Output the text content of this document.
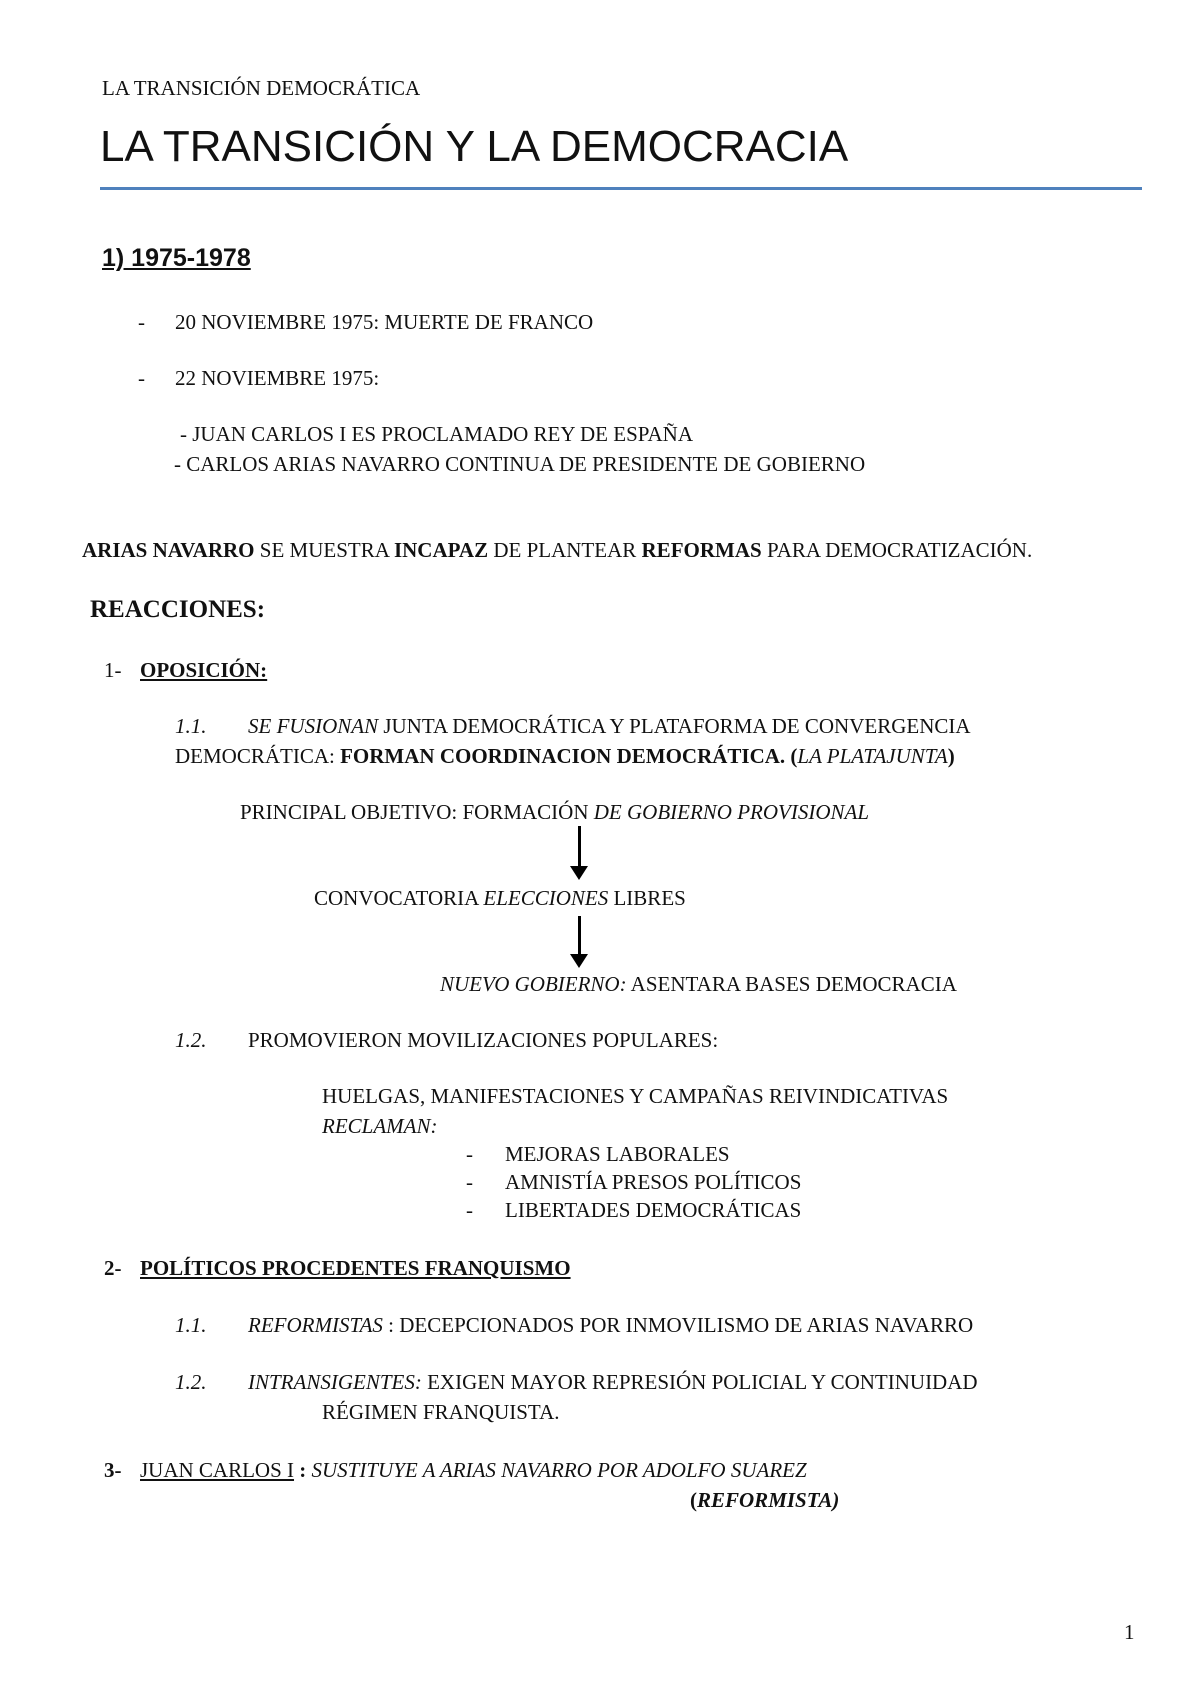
LA TRANSICIÓN DEMOCRÁTICA
LA TRANSICIÓN Y LA DEMOCRACIA
1) 1975-1978
- 20 NOVIEMBRE 1975: MUERTE DE FRANCO
- 22 NOVIEMBRE 1975:
- JUAN CARLOS I ES PROCLAMADO REY DE ESPAÑA
- CARLOS ARIAS NAVARRO CONTINUA DE PRESIDENTE DE GOBIERNO
ARIAS NAVARRO SE MUESTRA INCAPAZ DE PLANTEAR REFORMAS PARA DEMOCRATIZACIÓN.
REACCIONES:
1- OPOSICIÓN:
1.1. SE FUSIONAN JUNTA DEMOCRÁTICA Y PLATAFORMA DE CONVERGENCIA
DEMOCRÁTICA: FORMAN COORDINACION DEMOCRÁTICA. (LA PLATAJUNTA)
PRINCIPAL OBJETIVO: FORMACIÓN DE GOBIERNO PROVISIONAL
CONVOCATORIA ELECCIONES LIBRES
NUEVO GOBIERNO: ASENTARA BASES DEMOCRACIA
1.2. PROMOVIERON MOVILIZACIONES POPULARES:
HUELGAS, MANIFESTACIONES Y CAMPAÑAS REIVINDICATIVAS
RECLAMAN:
- MEJORAS LABORALES
- AMNISTÍA PRESOS POLÍTICOS
- LIBERTADES DEMOCRÁTICAS
2- POLÍTICOS PROCEDENTES FRANQUISMO
1.1. REFORMISTAS : DECEPCIONADOS POR INMOVILISMO DE ARIAS NAVARRO
1.2. INTRANSIGENTES: EXIGEN MAYOR REPRESIÓN POLICIAL Y CONTINUIDAD
RÉGIMEN FRANQUISTA.
3- JUAN CARLOS I : SUSTITUYE A ARIAS NAVARRO POR ADOLFO SUAREZ
(REFORMISTA)
1
